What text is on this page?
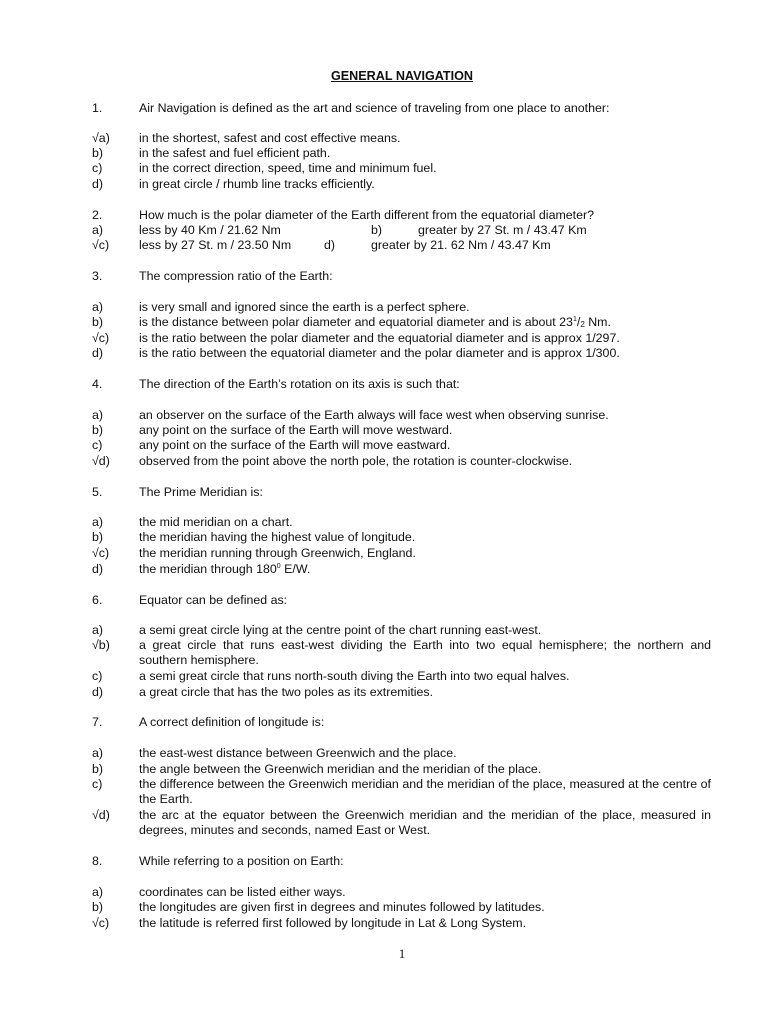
GENERAL NAVIGATION
1.	Air Navigation is defined as the art and science of traveling from one place to another:
√a) in the shortest, safest and cost effective means.
b)	in the safest and fuel efficient path.
c)	in the correct direction, speed, time and minimum fuel.
d)	in great circle / rhumb line tracks efficiently.
2.	How much is the polar diameter of the Earth different from the equatorial diameter?
a)	less by 40 Km / 21.62 Nm	b)	greater by 27 St. m / 43.47 Km
√c) less by 27 St. m / 23.50 Nm	d)	greater by 21. 62 Nm / 43.47 Km
3.	The compression ratio of the Earth:
a)	is very small and ignored since the earth is a perfect sphere.
b)	is the distance between polar diameter and equatorial diameter and is about $23^1/_2$ Nm.
√c) is the ratio between the polar diameter and the equatorial diameter and is approx 1/297.
d)	is the ratio between the equatorial diameter and the polar diameter and is approx 1/300.
4.	The direction of the Earth’s rotation on its axis is such that:
a)	an observer on the surface of the Earth always will face west when observing sunrise.
b)	any point on the surface of the Earth will move westward.
c)	any point on the surface of the Earth will move eastward.
√d) observed from the point above the north pole, the rotation is counter-clockwise.
5.	The Prime Meridian is:
a)	the mid meridian on a chart.
b)	the meridian having the highest value of longitude.
√c) the meridian running through Greenwich, England.
d)	the meridian through $180^0$ E/W.
6.	Equator can be defined as:
a)	a semi great circle lying at the centre point of the chart running east-west.
√b) a great circle that runs east-west dividing the Earth into two equal hemisphere; the northern and southern hemisphere.
c)	a semi great circle that runs north-south diving the Earth into two equal halves.
d)	a great circle that has the two poles as its extremities.
7.	A correct definition of longitude is:
a)	the east-west distance between Greenwich and the place.
b)	the angle between the Greenwich meridian and the meridian of the place.
c)	the difference between the Greenwich meridian and the meridian of the place, measured at the centre of the Earth.
√d) the arc at the equator between the Greenwich meridian and the meridian of the place, measured in degrees, minutes and seconds, named East or West.
8.	While referring to a position on Earth:
a)	coordinates can be listed either ways.
b)	the longitudes are given first in degrees and minutes followed by latitudes.
√c) the latitude is referred first followed by longitude in Lat & Long System.
1
